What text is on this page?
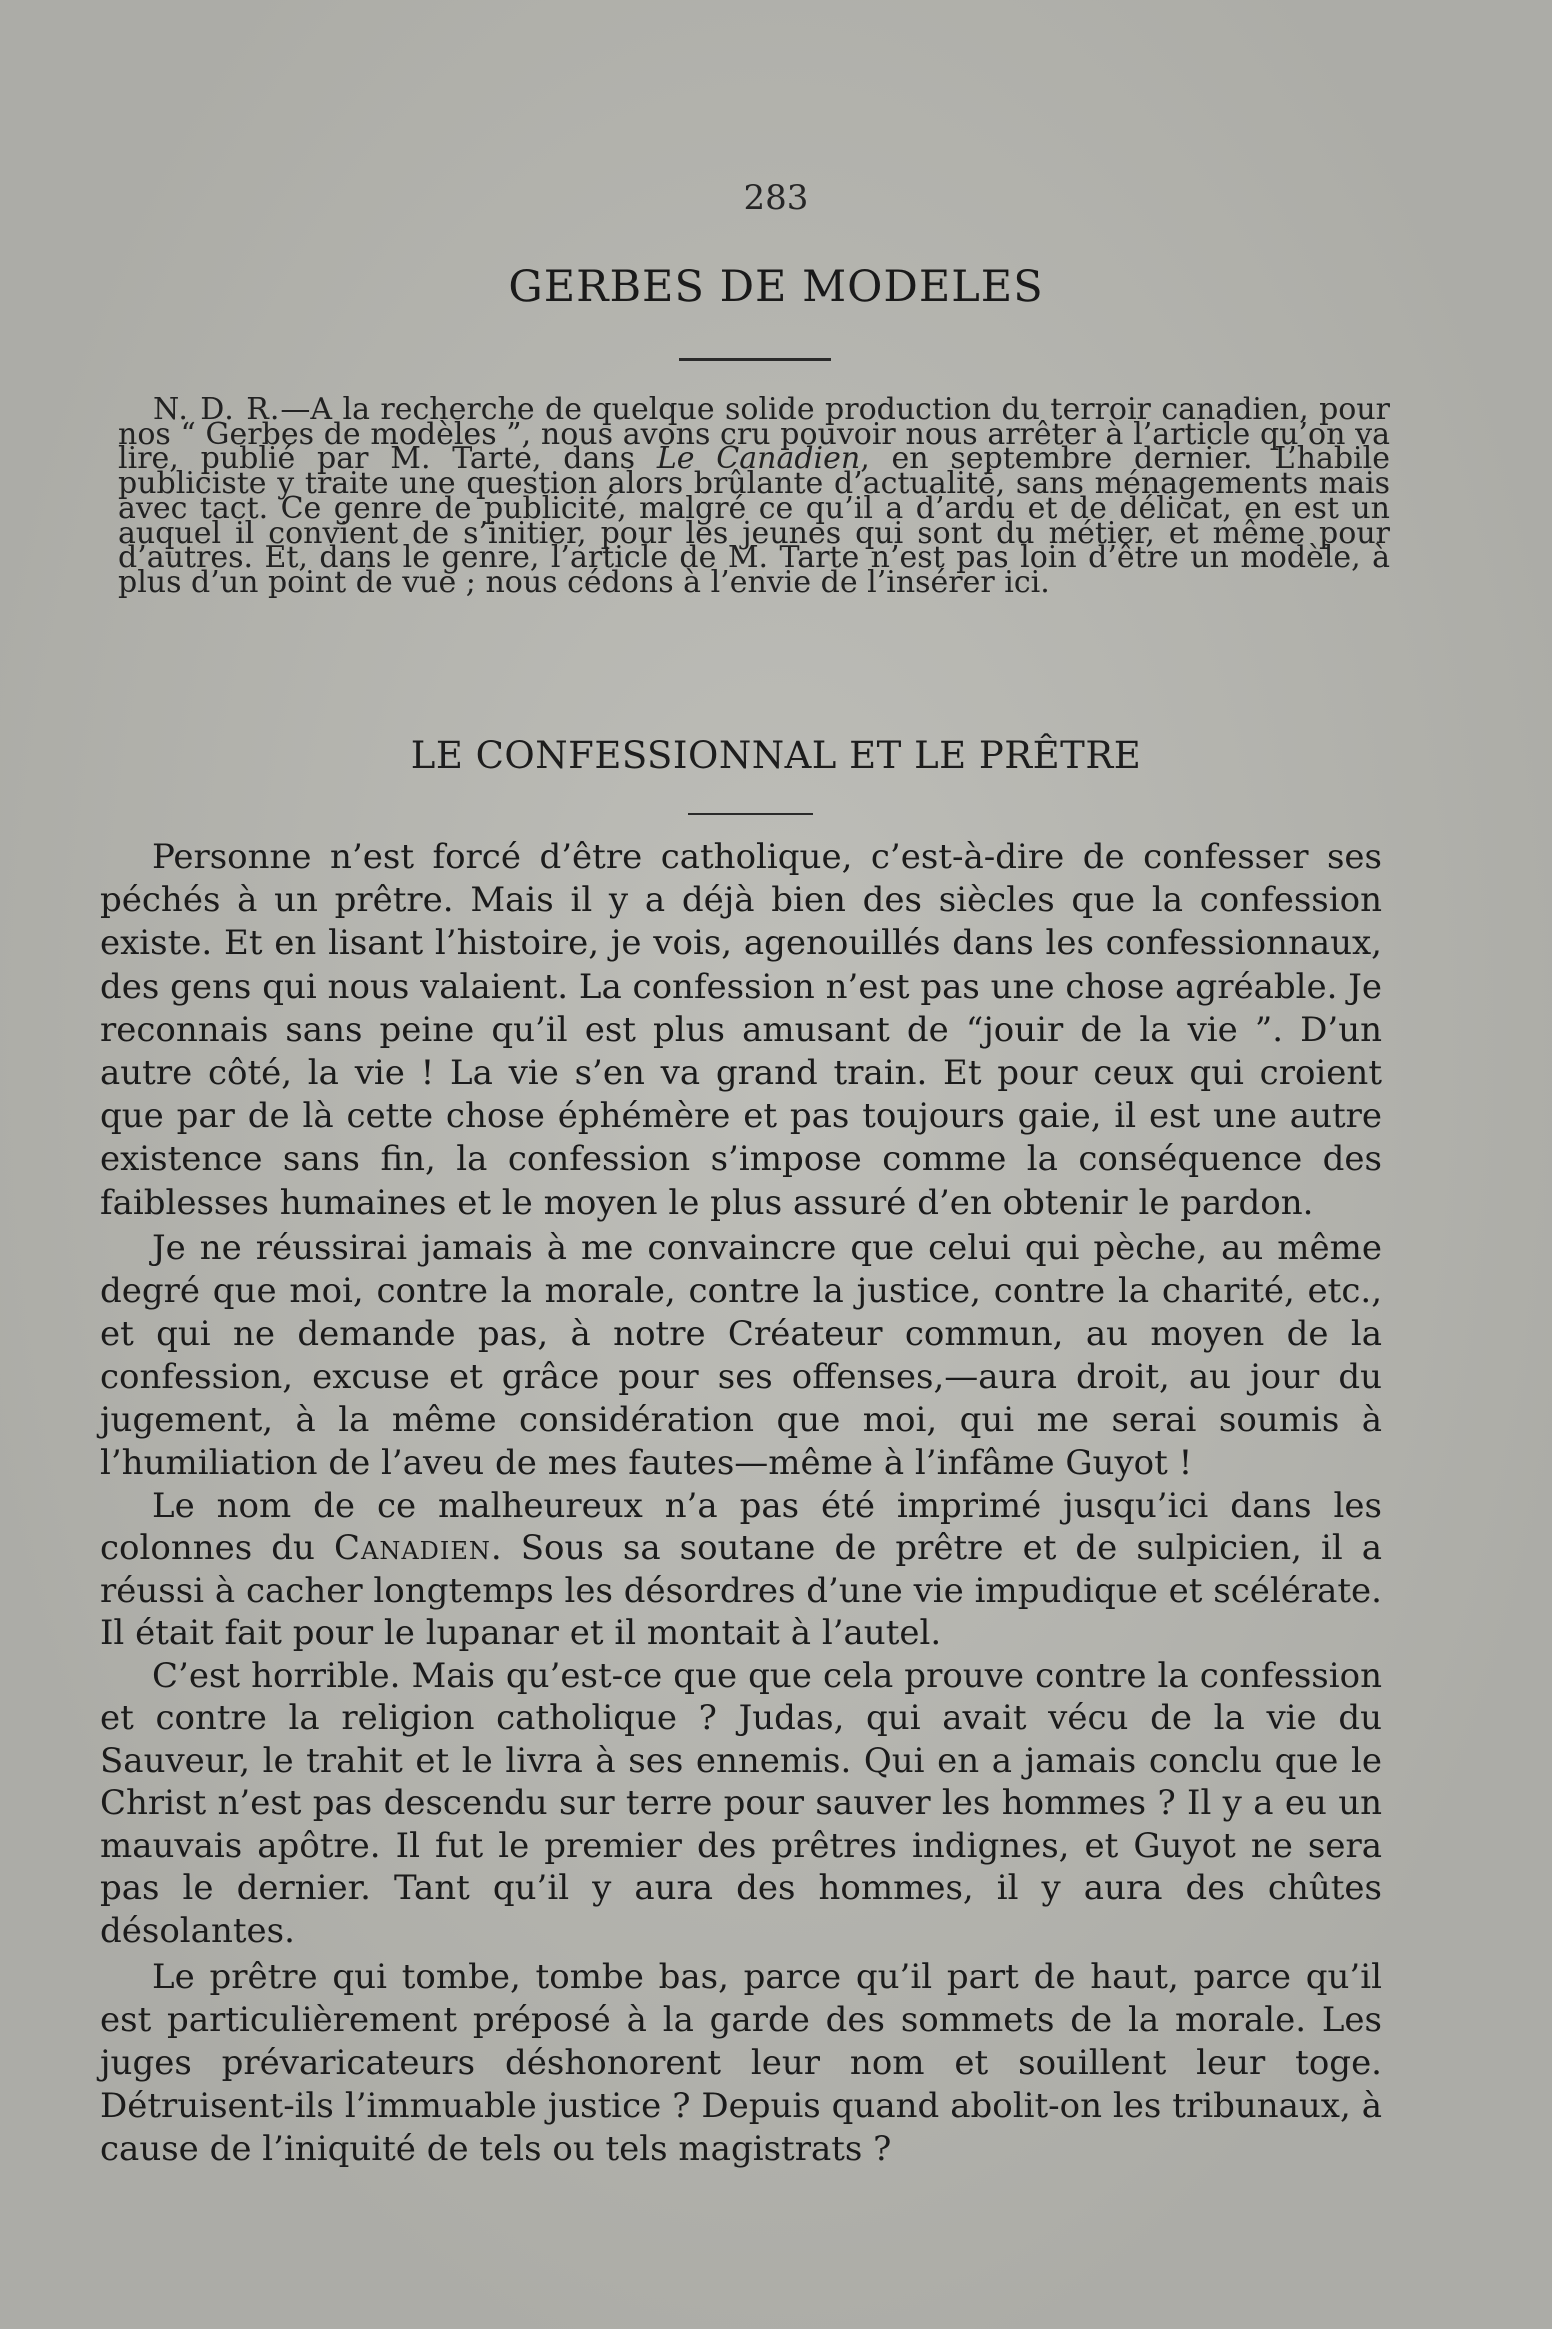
283
GERBES DE MODELES
N. D. R.—A la recherche de quelque solide production du terroir canadien, pour nos “ Gerbes de modèles ”, nous avons cru pouvoir nous arrêter à l’article qu’on va lire, publié par M. Tarte, dans Le Canadien, en septembre dernier. L’habile publiciste y traite une question alors brûlante d’actualité, sans ménagements mais avec tact. Ce genre de publicité, malgré ce qu’il a d’ardu et de délicat, en est un auquel il convient de s’initier, pour les jeunes qui sont du métier, et même pour d’autres. Et, dans le genre, l’article de M. Tarte n’est pas loin d’être un modèle, à plus d’un point de vue ; nous cédons à l’envie de l’insérer ici.
LE CONFESSIONNAL ET LE PRÊTRE

Personne n’est forcé d’être catholique, c’est-à-dire de confesser ses péchés à un prêtre. Mais il y a déjà bien des siècles que la confession existe. Et en lisant l’histoire, je vois, agenouillés dans les confessionnaux, des gens qui nous valaient. La confession n’est pas une chose agréable. Je reconnais sans peine qu’il est plus amusant de “jouir de la vie ”. D’un autre côté, la vie ! La vie s’en va grand train. Et pour ceux qui croient que par de là cette chose éphémère et pas toujours gaie, il est une autre existence sans fin, la confession s’impose comme la conséquence des faiblesses humaines et le moyen le plus assuré d’en obtenir le pardon.

Je ne réussirai jamais à me convaincre que celui qui pèche, au même degré que moi, contre la morale, contre la justice, contre la charité, etc., et qui ne demande pas, à notre Créateur commun, au moyen de la confession, excuse et grâce pour ses offenses,—aura droit, au jour du jugement, à la même considération que moi, qui me serai soumis à l’humiliation de l’aveu de mes fautes—même à l’infâme Guyot !

Le nom de ce malheureux n’a pas été imprimé jusqu’ici dans les colonnes du Canadien. Sous sa soutane de prêtre et de sulpicien, il a réussi à cacher longtemps les désordres d’une vie impudique et scélérate. Il était fait pour le lupanar et il montait à l’autel.

C’est horrible. Mais qu’est-ce que que cela prouve contre la confession et contre la religion catholique ? Judas, qui avait vécu de la vie du Sauveur, le trahit et le livra à ses ennemis. Qui en a jamais conclu que le Christ n’est pas descendu sur terre pour sauver les hommes ? Il y a eu un mauvais apôtre. Il fut le premier des prêtres indignes, et Guyot ne sera pas le dernier. Tant qu’il y aura des hommes, il y aura des chûtes désolantes.

Le prêtre qui tombe, tombe bas, parce qu’il part de haut, parce qu’il est particulièrement préposé à la garde des sommets de la morale. Les juges prévaricateurs déshonorent leur nom et souillent leur toge. Détruisent-ils l’immuable justice ? Depuis quand abolit-on les tribunaux, à cause de l’iniquité de tels ou tels magistrats ?
